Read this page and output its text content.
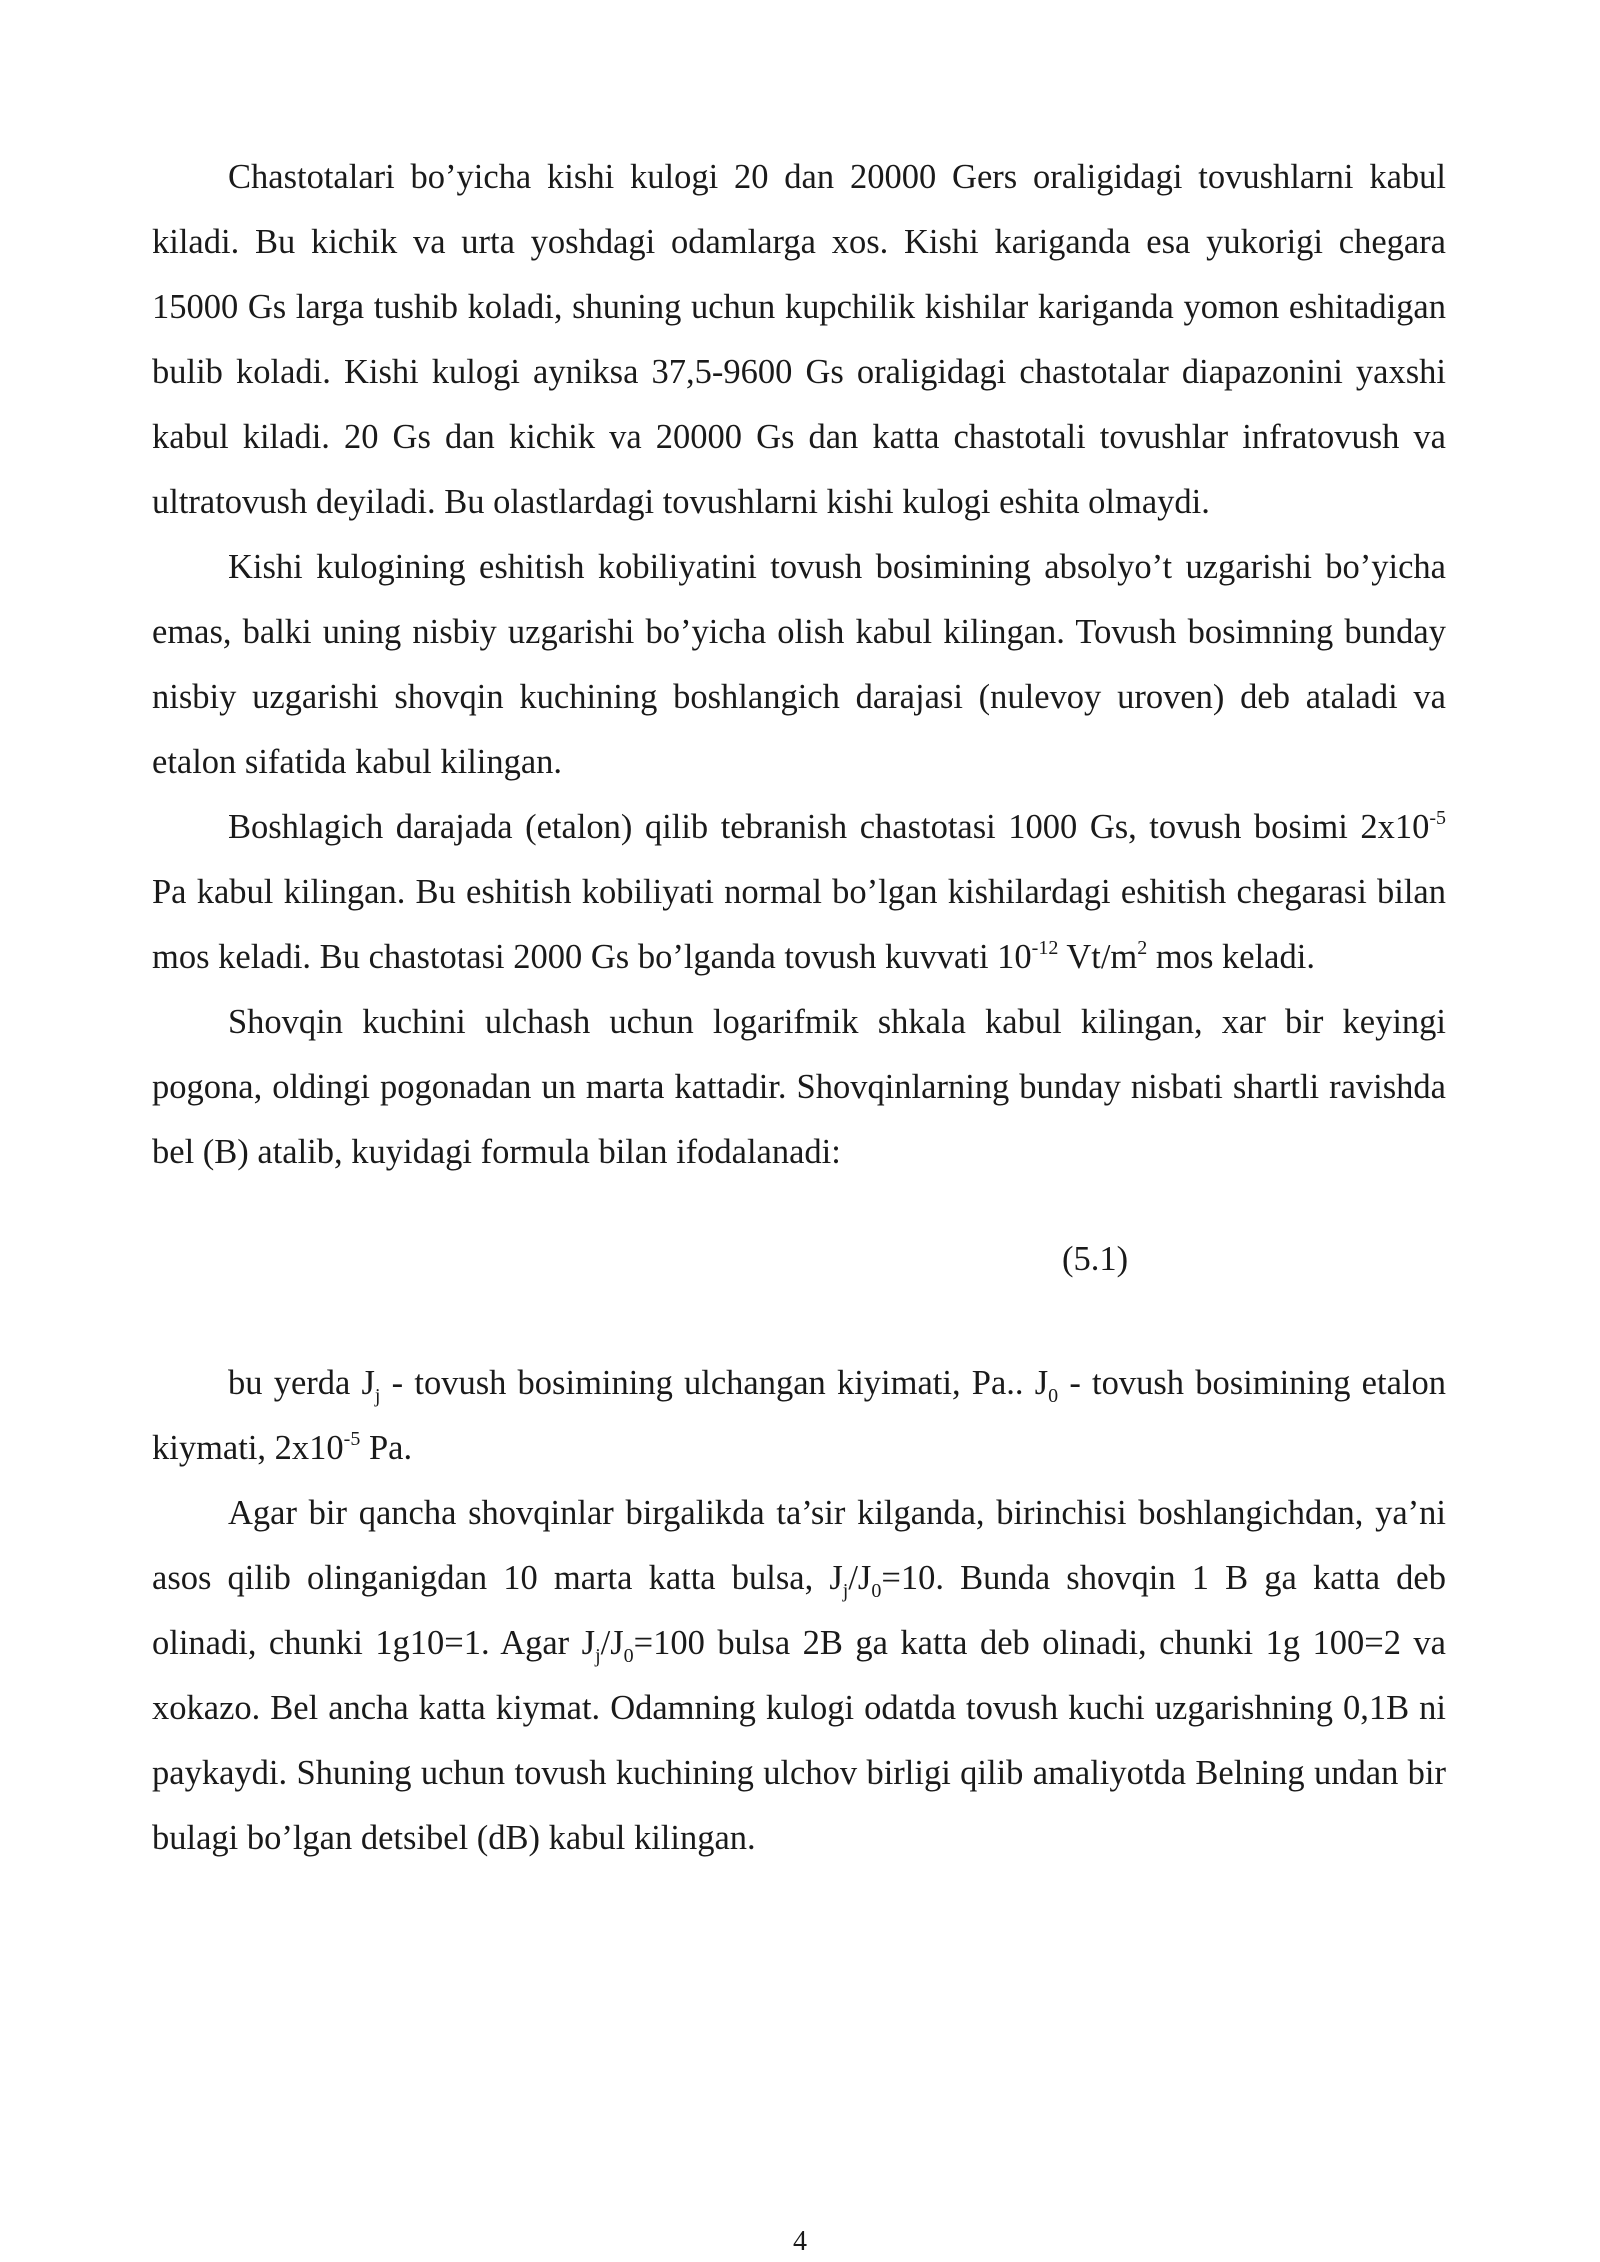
Chastotalari bo’yicha kishi kulogi 20 dan 20000 Gers oraligidagi tovushlarni kabul kiladi. Bu kichik va urta yoshdagi odamlarga xos. Kishi kariganda esa yukorigi chegara 15000 Gs larga tushib koladi, shuning uchun kupchilik kishilar kariganda yomon eshitadigan bulib koladi. Kishi kulogi ayniksa 37,5-9600 Gs oraligidagi chastotalar diapazonini yaxshi kabul kiladi. 20 Gs dan kichik va 20000 Gs dan katta chastotali tovushlar infratovush va ultratovush deyiladi. Bu olastlardagi tovushlarni kishi kulogi eshita olmaydi.

Kishi kulogining eshitish kobiliyatini tovush bosimining absolyo’t uzgarishi bo’yicha emas, balki uning nisbiy uzgarishi bo’yicha olish kabul kilingan. Tovush bosimning bunday nisbiy uzgarishi shovqin kuchining boshlangich darajasi (nulevoy uroven) deb ataladi va etalon sifatida kabul kilingan.

Boshlagich darajada (etalon) qilib tebranish chastotasi 1000 Gs, tovush bosimi $2x10^{-5}$ Pa kabul kilingan. Bu eshitish kobiliyati normal bo’lgan kishilardagi eshitish chegarasi bilan mos keladi. Bu chastotasi 2000 Gs bo’lganda tovush kuvvati $10^{-12}$ $Vt/m^2$ mos keladi.

Shovqin kuchini ulchash uchun logarifmik shkala kabul kilingan, xar bir keyingi pogona, oldingi pogonadan un marta kattadir. Shovqinlarning bunday nisbati shartli ravishda bel (B) atalib, kuyidagi formula bilan ifodalanadi:

(5.1)

bu yerda $J_j$ - tovush bosimining ulchangan kiyimati, Pa.. $J_0$ - tovush bosimining etalon kiymati, $2x10^{-5}$ Pa.

Agar bir qancha shovqinlar birgalikda ta’sir kilganda, birinchisi boshlangichdan, ya’ni asos qilib olinganigdan 10 marta katta bulsa, $J_j/J_0=10$. Bunda shovqin 1 B ga katta deb olinadi, chunki 1g10=1. Agar $J_j/J_0=100$ bulsa 2B ga katta deb olinadi, chunki 1g 100=2 va xokazo. Bel ancha katta kiymat. Odamning kulogi odatda tovush kuchi uzgarishning 0,1B ni paykaydi. Shuning uchun tovush kuchining ulchov birligi qilib amaliyotda Belning undan bir bulagi bo’lgan detsibel (dB) kabul kilingan.

4
